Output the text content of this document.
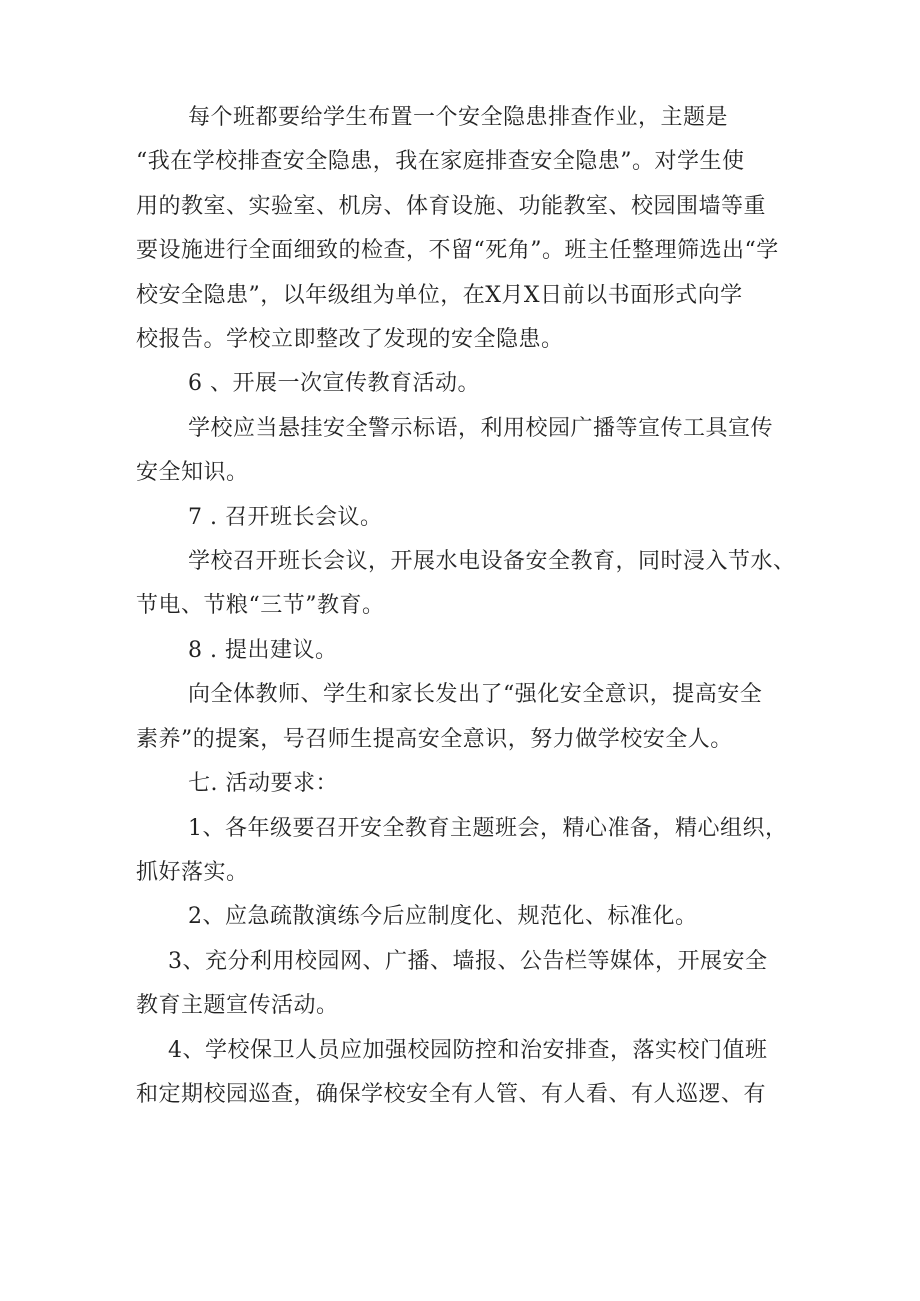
每个班都要给学生布置一个安全隐患排查作业，主题是
“我在学校排查安全隐患，我在家庭排查安全隐患”。对学生使
用的教室、实验室、机房、体育设施、功能教室、校园围墙等重
要设施进行全面细致的检查，不留“死角”。班主任整理筛选出“学
校安全隐患”，以年级组为单位，在X月X日前以书面形式向学
校报告。学校立即整改了发现的安全隐患。

6 、开展一次宣传教育活动。

学校应当悬挂安全警示标语，利用校园广播等宣传工具宣传
安全知识。

7 . 召开班长会议。

学校召开班长会议，开展水电设备安全教育，同时浸入节水、
节电、节粮“三节”教育。

8 . 提出建议。

向全体教师、学生和家长发出了“强化安全意识，提高安全
素养”的提案，号召师生提高安全意识，努力做学校安全人。

七. 活动要求：

1、各年级要召开安全教育主题班会，精心准备，精心组织，
抓好落实。

2、应急疏散演练今后应制度化、规范化、标准化。

3、充分利用校园网、广播、墙报、公告栏等媒体，开展安全
教育主题宣传活动。

4、学校保卫人员应加强校园防控和治安排查，落实校门值班
和定期校园巡查，确保学校安全有人管、有人看、有人巡逻、有
